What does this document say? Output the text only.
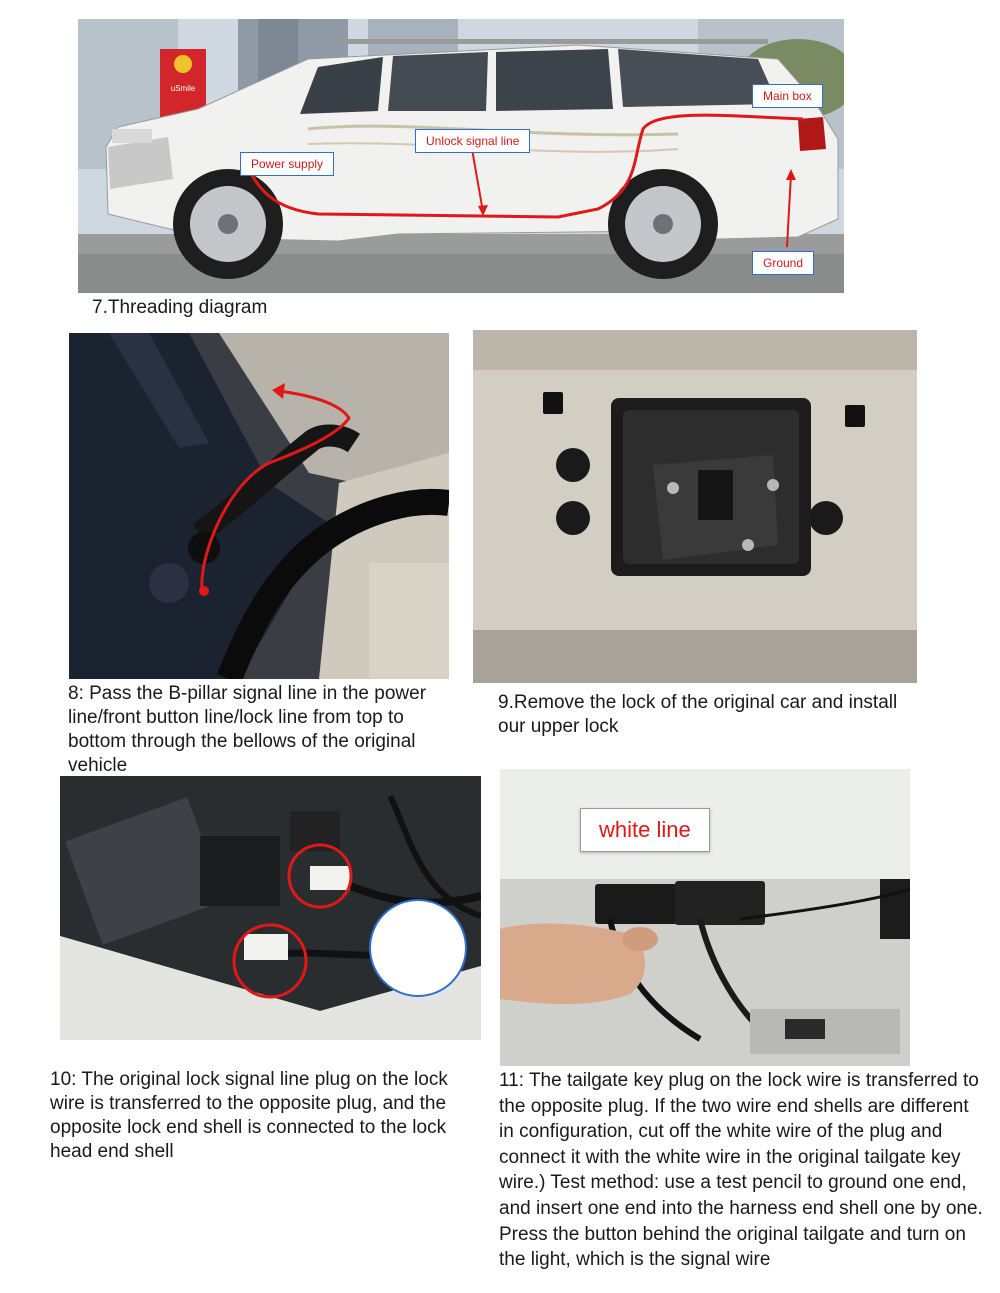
uSmile
Main box
Unlock signal line
Power supply
Ground
7.Threading diagram
8: Pass the B-pillar signal line in the power line/front button line/lock line from top to bottom through the bellows of the original vehicle
9.Remove the lock of the original car and install our upper lock
10: The original lock signal line plug on the lock wire is transferred to the opposite plug, and the opposite lock end shell is connected to the lock head end shell
white line
11: The tailgate key plug on the lock wire is transferred to the opposite plug. If the two wire end shells are different in configuration, cut off the white wire of the plug and connect it with the white wire in the original tailgate key wire.) Test method: use a test pencil to ground one end, and insert one end into the harness end shell one by one. Press the button behind the original tailgate and turn on the light, which is the signal wire
